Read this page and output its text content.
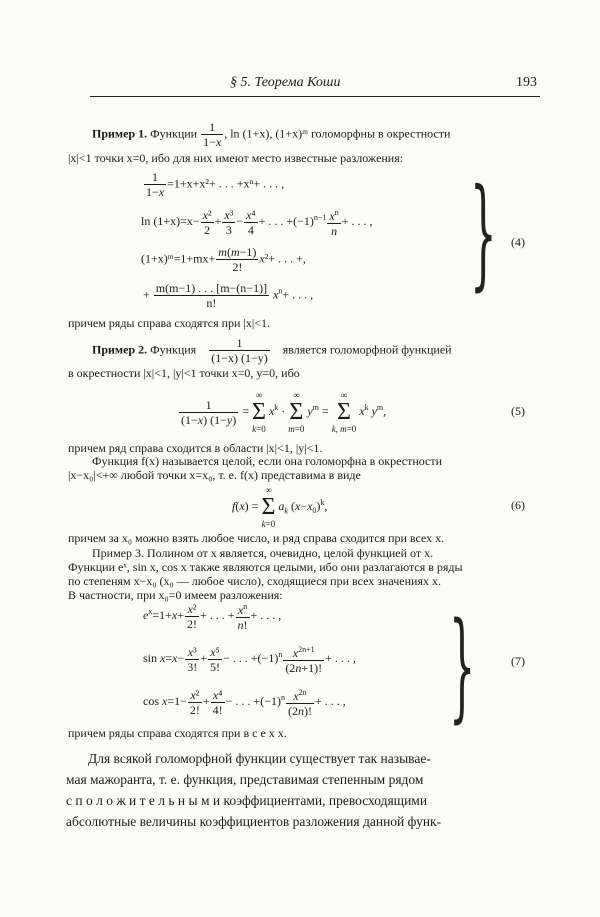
§ 5. Теорема Коши	193
Пример 1. Функции $\frac{1}{1-x}$ , ln (1+x), (1+x)ᵐ голоморфны в окрестности
|x|<1 точки x=0, ибо для них имеют место известные разложения:
$\frac{1}{1-x} =1+x+x^2+$ . . . +xⁿ+ . . . ,
$\ln (1+x)=x- \frac{\text{x²}}{2} + \frac{\text{x³}}{3} - \frac{\text{x⁴}}{4}$ + . . . $+(-1)^{n-1} \frac{x^n}{n}$ + . . . ,
(1+x)ᵐ=1+mx+ $\frac{m(m-1)}{2!} x^2+$ . . . +,
+ $\frac{m(m-1) . . . [m-(n-1)]}{n!} x^n+$ . . . , } (4)
причем ряды справа сходятся при |x|<1.
Пример 2. Функция $\frac{1}{(1-x) (1-y)}$ является голоморфной функцией
в окрестности |x|<1, |y|<1 точки x=0, y=0, ибо
$\frac{1}{(1-x) (1-y)}$ =
∞
Σ
k=0
$x^k$ ·
∞
Σ
m=0
$y^m$ =
∞
Σ
k, m=0
$x^k$ $y^m$,	(5)
причем ряд справа сходится в области |x|<1, |y|<1.
Функция f(x) называется целой, если она голоморфна в окрестности
|x−x₀|<+∞ любой точки x=x₀, т. е. f(x) представима в виде
f(x) =
∞
Σ
k=0
$a_k$ $(x-x_0)^k$,	(6)
причем за x₀ можно взять любое число, и ряд справа сходится при всех x.
Пример 3. Полином от x является, очевидно, целой функцией от x.
Функции eˣ, sin x, cos x также являются целыми, ибо они разлагаются в ряды
по степеням x−x₀ (x₀ — любое число), сходящиеся при всех значениях x.
В частности, при x₀=0 имеем разложения:
$e^x=1+x+ \frac{\text{x²}}{2!}$ + . . . + $\frac{x^n}{n!}$ + . . . ,
$\sin x=x- \frac{\text{x³}}{3!} + \frac{\text{x⁵}}{5!}$ − . . . $+(-1)^n \frac{x^{2n+1}}{(2n+1)!}$ + . . . ,
$\cos x=1- \frac{\text{x²}}{2!} + \frac{\text{x⁴}}{4!}$ − . . . $+(-1)^n \frac{x^{2n}}{(2n)!}$ + . . . , }	(7)
причем ряды справа сходятся при в с е х x.
Для всякой голоморфной функции существует так называе-
мая мажоранта, т. е. функция, представимая степенным рядом
с п о л о ж и т е л ь н ы м и коэффициентами, превосходящими
абсолютные величины коэффициентов разложения данной функ-
